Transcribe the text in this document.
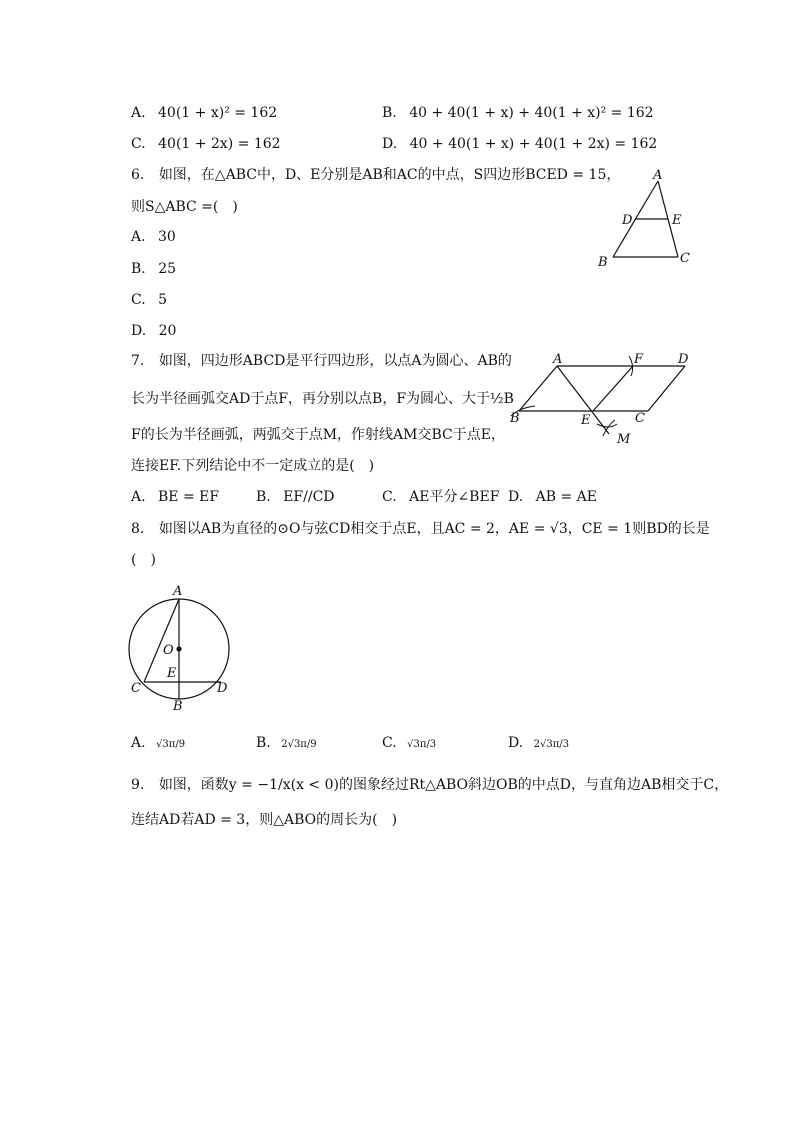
A. 40(1 + x)² = 162	B. 40 + 40(1 + x) + 40(1 + x)² = 162
C. 40(1 + 2x) = 162	D. 40 + 40(1 + x) + 40(1 + 2x) = 162
6. 如图，在△ABC中，D、E分别是AB和AC的中点，S四边形BCED = 15，
则S△ABC =(　)
A. 30
B. 25
C. 5
D. 20
A
D	E
B	C
7. 如图，四边形ABCD是平行四边形，以点A为圆心、AB的
长为半径画弧交AD于点F，再分别以点B，F为圆心、大于½B
F的长为半径画弧，两弧交于点M，作射线AM交BC于点E，
连接EF.下列结论中不一定成立的是(　)
A. BE = EF	B. EF//CD	C. AE平分∠BEF D. AB = AE
A	F	D
B	E	C
M
8. 如图以AB为直径的⊙O与弦CD相交于点E，且AC = 2，AE = √3，CE = 1则BD的长是
(　)
A
O
E
C	D
B
A. √3π/9	B. 2√3π/9	C. √3π/3	D. 2√3π/3
9. 如图，函数y = −1/x(x < 0)的图象经过Rt△ABO斜边OB的中点D，与直角边AB相交于C，
连结AD若AD = 3，则△ABO的周长为(　)
